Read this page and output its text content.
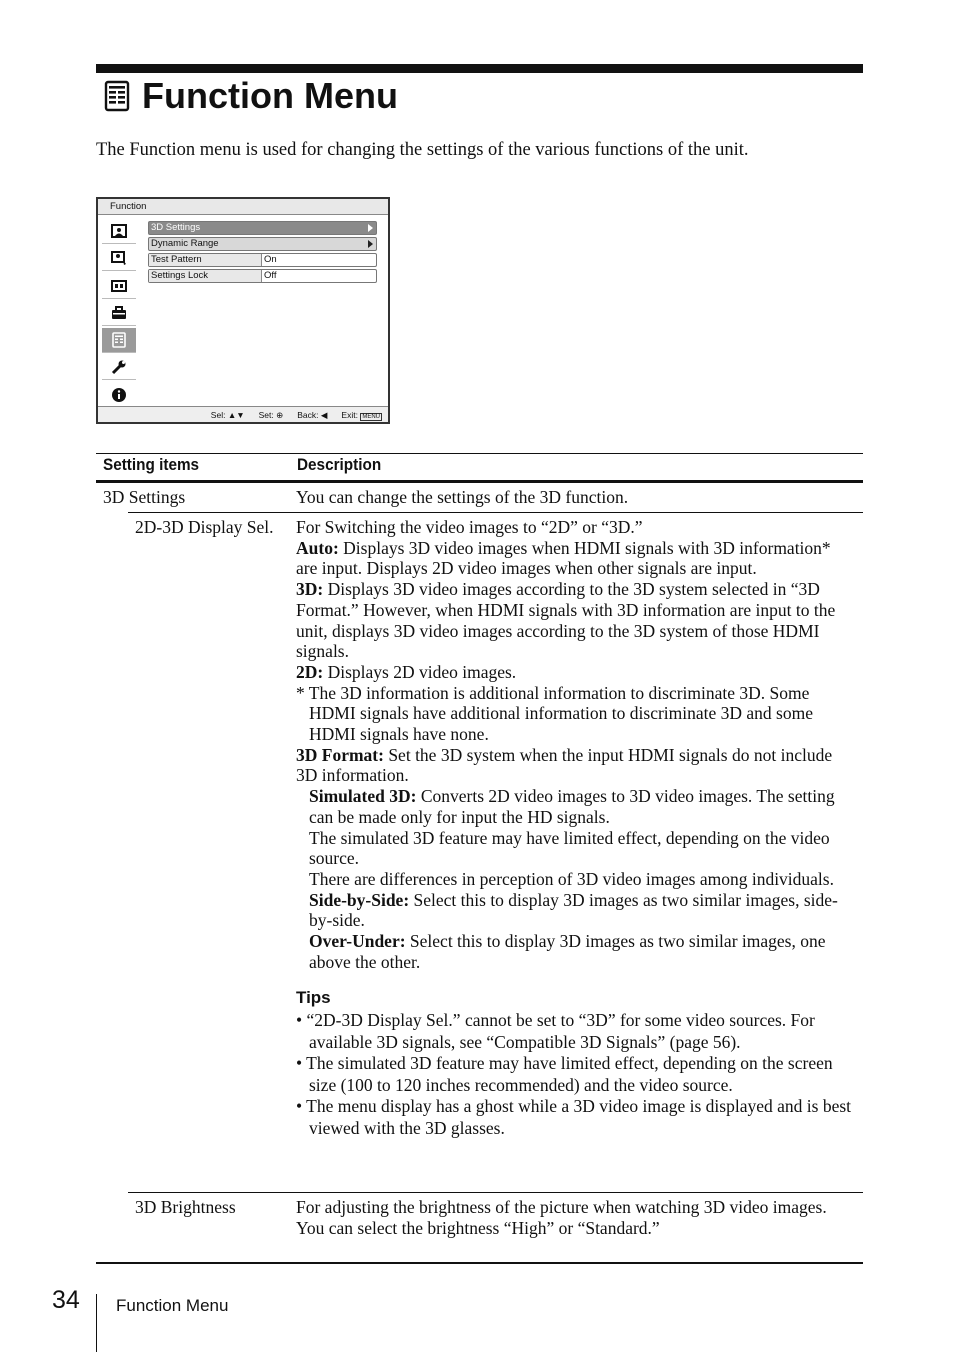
Function Menu
The Function menu is used for changing the settings of the various functions of the unit.
Function
3D Settings
Dynamic Range
Test Pattern	On
Settings Lock	Off
Sel: ▲▼ Set: ⊕ Back: ◀ Exit: MENU
Setting items	Description
3D Settings	You can change the settings of the 3D function.
2D-3D Display Sel. For Switching the video images to “2D” or “3D.”

Auto: Displays 3D video images when HDMI signals with 3D information* are input. Displays 2D video images when other signals are input.

3D: Displays 3D video images according to the 3D system selected in “3D Format.” However, when HDMI signals with 3D information are input to the unit, displays 3D video images according to the 3D system of those HDMI signals.

2D: Displays 2D video images.

* The 3D information is additional information to discriminate 3D. Some HDMI signals have additional information to discriminate 3D and some HDMI signals have none.

3D Format: Set the 3D system when the input HDMI signals do not include 3D information.

Simulated 3D: Converts 2D video images to 3D video images. The setting can be made only for input the HD signals.

The simulated 3D feature may have limited effect, depending on the video source.

There are differences in perception of 3D video images among individuals.

Side-by-Side: Select this to display 3D images as two similar images, side-by-side.

Over-Under: Select this to display 3D images as two similar images, one above the other.

Tips

• “2D-3D Display Sel.” cannot be set to “3D” for some video sources. For available 3D signals, see “Compatible 3D Signals” (page 56).

• The simulated 3D feature may have limited effect, depending on the screen size (100 to 120 inches recommended) and the video source.

• The menu display has a ghost while a 3D video image is displayed and is best viewed with the 3D glasses.

3D Brightness	For adjusting the brightness of the picture when watching 3D video images.

You can select the brightness “High” or “Standard.”

34 Function Menu
